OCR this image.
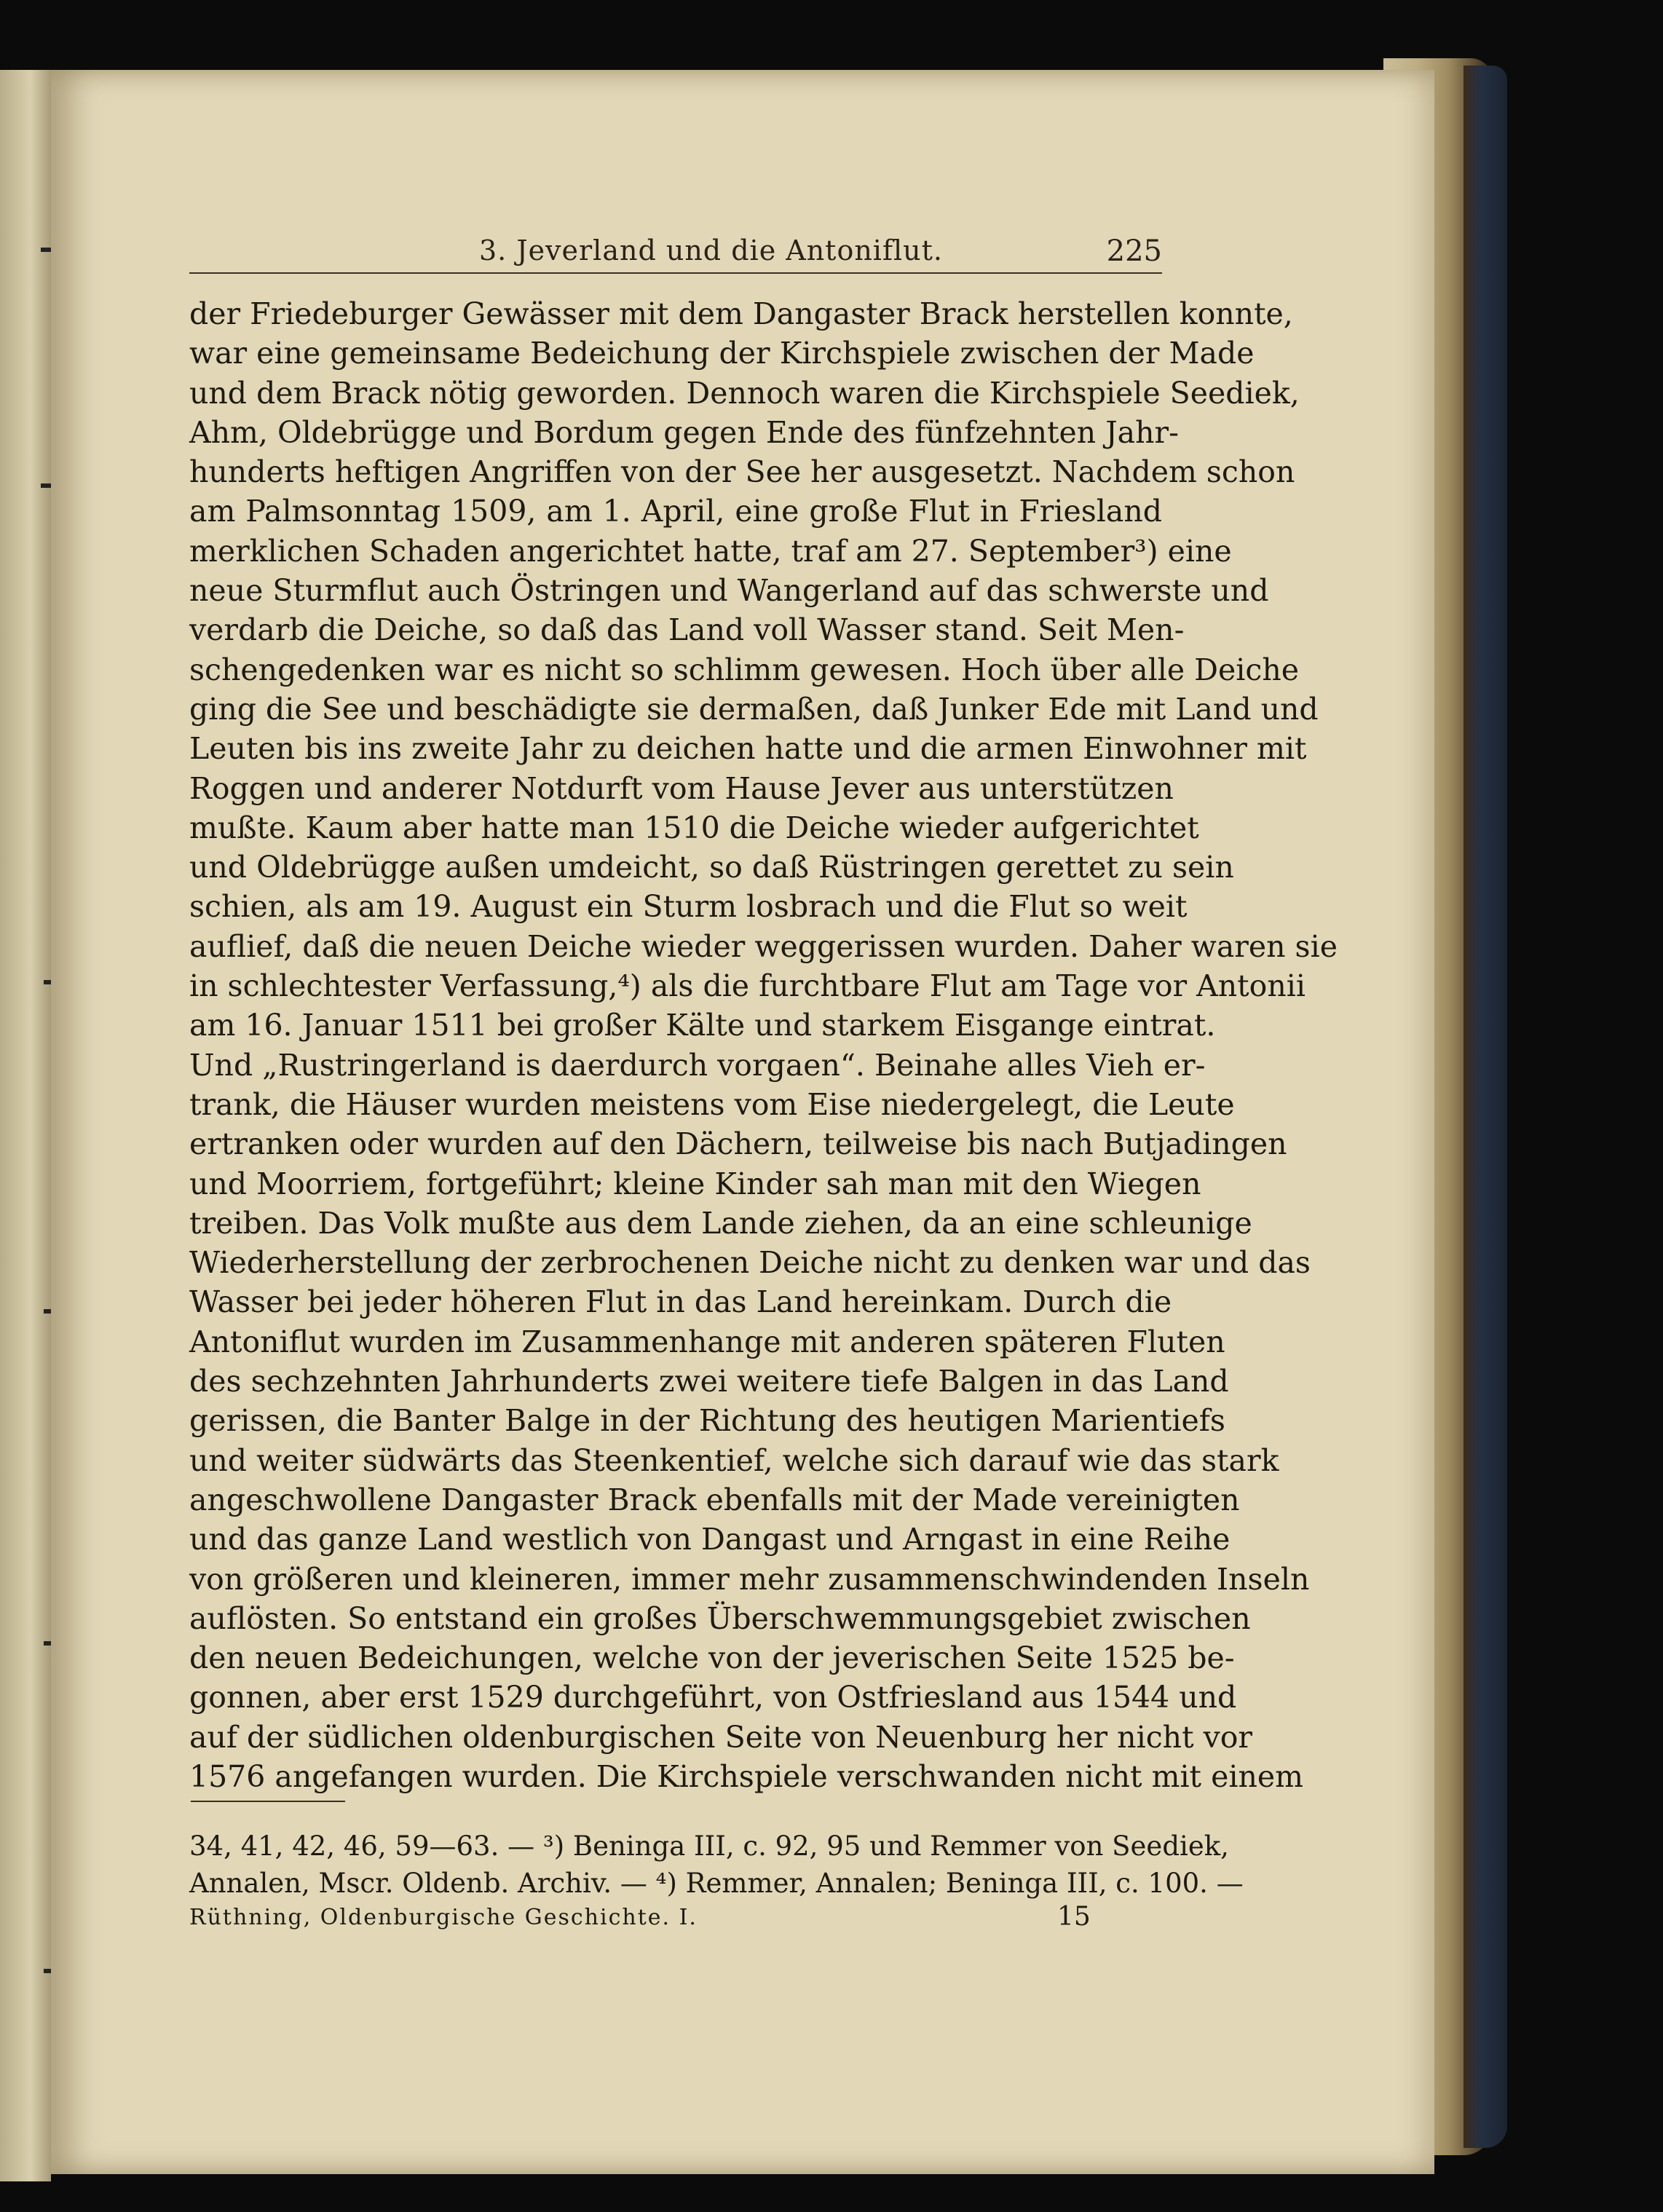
3. Jeverland und die Antoniflut.	225
der Friedeburger Gewässer mit dem Dangaster Brack herstellen konnte,
war eine gemeinsame Bedeichung der Kirchspiele zwischen der Made
und dem Brack nötig geworden. Dennoch waren die Kirchspiele Seediek,
Ahm, Oldebrügge und Bordum gegen Ende des fünfzehnten Jahr-
hunderts heftigen Angriffen von der See her ausgesetzt. Nachdem schon
am Palmsonntag 1509, am 1. April, eine große Flut in Friesland
merklichen Schaden angerichtet hatte, traf am 27. September³) eine
neue Sturmflut auch Östringen und Wangerland auf das schwerste und
verdarb die Deiche, so daß das Land voll Wasser stand. Seit Men-
schengedenken war es nicht so schlimm gewesen. Hoch über alle Deiche
ging die See und beschädigte sie dermaßen, daß Junker Ede mit Land und
Leuten bis ins zweite Jahr zu deichen hatte und die armen Einwohner mit
Roggen und anderer Notdurft vom Hause Jever aus unterstützen
mußte. Kaum aber hatte man 1510 die Deiche wieder aufgerichtet
und Oldebrügge außen umdeicht, so daß Rüstringen gerettet zu sein
schien, als am 19. August ein Sturm losbrach und die Flut so weit
auflief, daß die neuen Deiche wieder weggerissen wurden. Daher waren sie
in schlechtester Verfassung,⁴) als die furchtbare Flut am Tage vor Antonii
am 16. Januar 1511 bei großer Kälte und starkem Eisgange eintrat.
Und „Rustringerland is daerdurch vorgaen“. Beinahe alles Vieh er-
trank, die Häuser wurden meistens vom Eise niedergelegt, die Leute
ertranken oder wurden auf den Dächern, teilweise bis nach Butjadingen
und Moorriem, fortgeführt; kleine Kinder sah man mit den Wiegen
treiben. Das Volk mußte aus dem Lande ziehen, da an eine schleunige
Wiederherstellung der zerbrochenen Deiche nicht zu denken war und das
Wasser bei jeder höheren Flut in das Land hereinkam. Durch die
Antoniflut wurden im Zusammenhange mit anderen späteren Fluten
des sechzehnten Jahrhunderts zwei weitere tiefe Balgen in das Land
gerissen, die Banter Balge in der Richtung des heutigen Marientiefs
und weiter südwärts das Steenkentief, welche sich darauf wie das stark
angeschwollene Dangaster Brack ebenfalls mit der Made vereinigten
und das ganze Land westlich von Dangast und Arngast in eine Reihe
von größeren und kleineren, immer mehr zusammenschwindenden Inseln
auflösten. So entstand ein großes Überschwemmungsgebiet zwischen
den neuen Bedeichungen, welche von der jeverischen Seite 1525 be-
gonnen, aber erst 1529 durchgeführt, von Ostfriesland aus 1544 und
auf der südlichen oldenburgischen Seite von Neuenburg her nicht vor
1576 angefangen wurden. Die Kirchspiele verschwanden nicht mit einem
34, 41, 42, 46, 59—63. — ³) Beninga III, c. 92, 95 und Remmer von Seediek,
Annalen, Mscr. Oldenb. Archiv. — ⁴) Remmer, Annalen; Beninga III, c. 100. —
Rüthning, Oldenburgische Geschichte. I.	15
